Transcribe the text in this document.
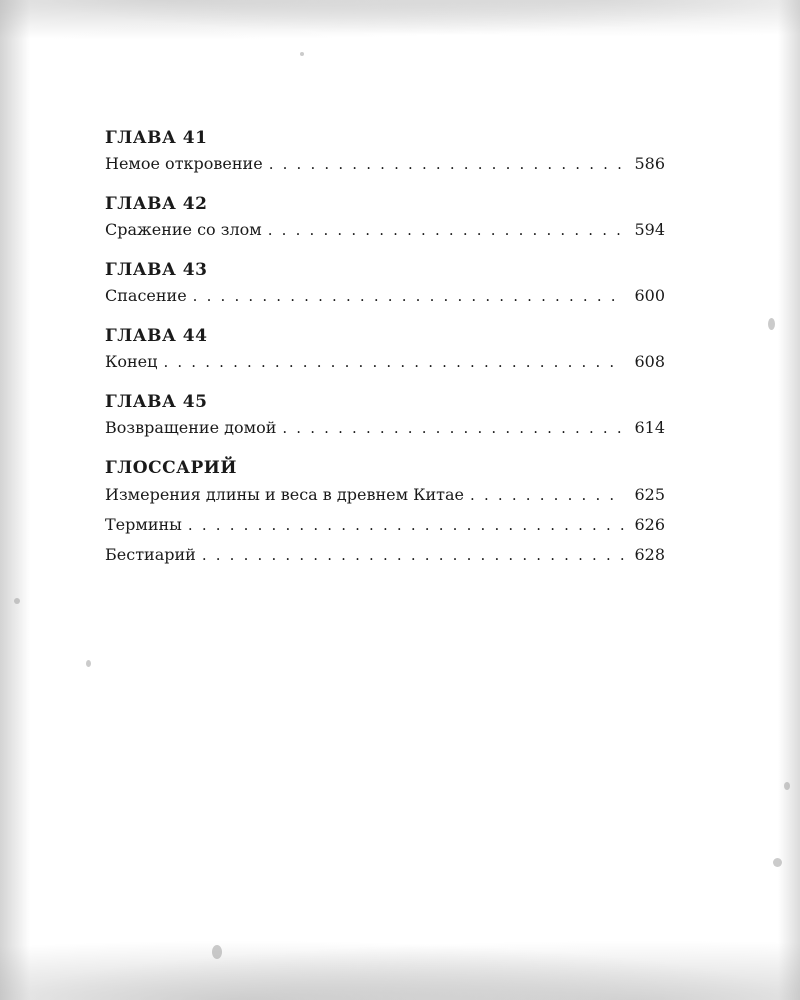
ГЛАВА 41
Немое откровение . . .	586
ГЛАВА 42
Сражение со злом . . .	594
ГЛАВА 43
Спасение . . .	600
ГЛАВА 44
Конец . . .	608
ГЛАВА 45
Возвращение домой . . .	614
ГЛОССАРИЙ
Измерения длины и веса в древнем Китае . . .	625
Термины . . .	626
Бестиарий . . .	628
